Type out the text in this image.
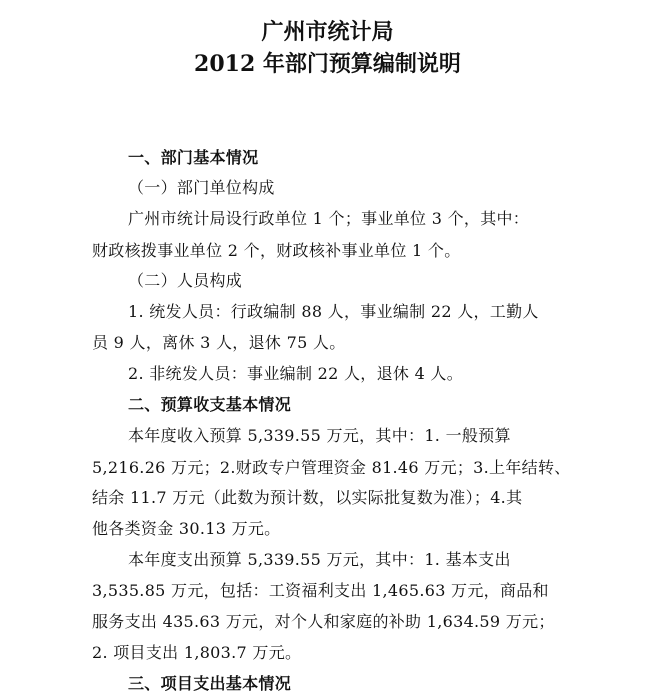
广州市统计局
2012 年部门预算编制说明
一、部门基本情况
（一）部门单位构成
广州市统计局设行政单位 1 个；事业单位 3 个，其中：
财政核拨事业单位 2 个，财政核补事业单位 1 个。
（二）人员构成
1. 统发人员：行政编制 88 人，事业编制 22 人，工勤人
员 9 人，离休 3 人，退休 75 人。
2. 非统发人员：事业编制 22 人，退休 4 人。
二、预算收支基本情况
本年度收入预算 5,339.55 万元，其中：1. 一般预算
5,216.26 万元；2.财政专户管理资金 81.46 万元；3.上年结转、
结余 11.7 万元（此数为预计数，以实际批复数为准）；4.其
他各类资金 30.13 万元。
本年度支出预算 5,339.55 万元，其中：1. 基本支出
3,535.85 万元，包括：工资福利支出 1,465.63 万元，商品和
服务支出 435.63 万元，对个人和家庭的补助 1,634.59 万元；
2. 项目支出 1,803.7 万元。
三、项目支出基本情况
